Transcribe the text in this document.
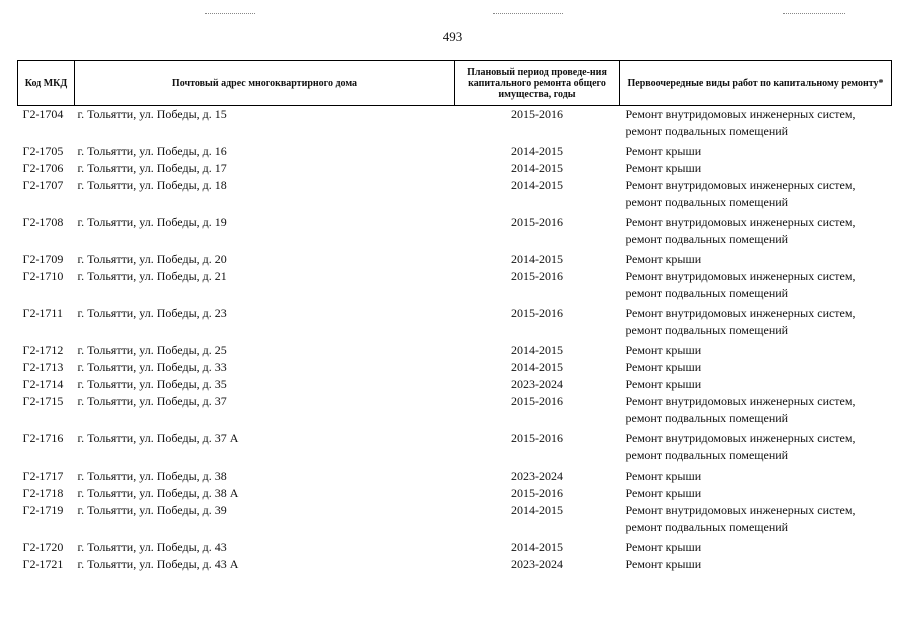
493
Код МКД	Почтовый адрес многоквартирного дома	Плановый период проведе-ния капитального ремонта общего имущества, годы	Первоочередные виды работ по капитальному ремонту*
Г2-1704	г. Тольятти, ул. Победы, д. 15	2015-2016	Ремонт внутридомовых инженерных систем, ремонт подвальных помещений
Г2-1705	г. Тольятти, ул. Победы, д. 16	2014-2015	Ремонт крыши
Г2-1706	г. Тольятти, ул. Победы, д. 17	2014-2015	Ремонт крыши
Г2-1707	г. Тольятти, ул. Победы, д. 18	2014-2015	Ремонт внутридомовых инженерных систем, ремонт подвальных помещений
Г2-1708	г. Тольятти, ул. Победы, д. 19	2015-2016	Ремонт внутридомовых инженерных систем, ремонт подвальных помещений
Г2-1709	г. Тольятти, ул. Победы, д. 20	2014-2015	Ремонт крыши
Г2-1710	г. Тольятти, ул. Победы, д. 21	2015-2016	Ремонт внутридомовых инженерных систем, ремонт подвальных помещений
Г2-1711	г. Тольятти, ул. Победы, д. 23	2015-2016	Ремонт внутридомовых инженерных систем, ремонт подвальных помещений
Г2-1712	г. Тольятти, ул. Победы, д. 25	2014-2015	Ремонт крыши
Г2-1713	г. Тольятти, ул. Победы, д. 33	2014-2015	Ремонт крыши
Г2-1714	г. Тольятти, ул. Победы, д. 35	2023-2024	Ремонт крыши
Г2-1715	г. Тольятти, ул. Победы, д. 37	2015-2016	Ремонт внутридомовых инженерных систем, ремонт подвальных помещений
Г2-1716	г. Тольятти, ул. Победы, д. 37 А	2015-2016	Ремонт внутридомовых инженерных систем, ремонт подвальных помещений
Г2-1717	г. Тольятти, ул. Победы, д. 38	2023-2024	Ремонт крыши
Г2-1718	г. Тольятти, ул. Победы, д. 38 А	2015-2016	Ремонт крыши
Г2-1719	г. Тольятти, ул. Победы, д. 39	2014-2015	Ремонт внутридомовых инженерных систем, ремонт подвальных помещений
Г2-1720	г. Тольятти, ул. Победы, д. 43	2014-2015	Ремонт крыши
Г2-1721	г. Тольятти, ул. Победы, д. 43 А	2023-2024	Ремонт крыши
